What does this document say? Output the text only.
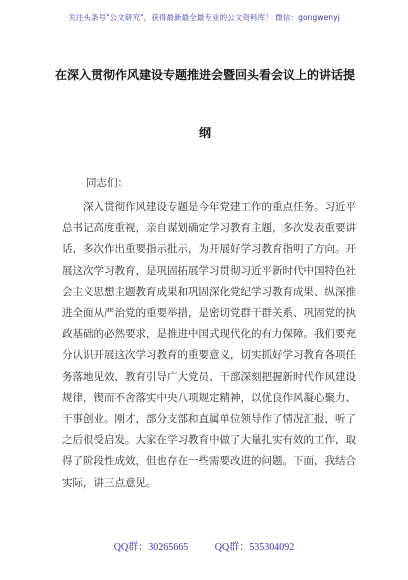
关注头条号"公文研究"，获得最新最全最专业的公文资料库！ 微信：gongwenyj
在深入贯彻作风建设专题推进会暨回头看会议上的讲话提
纲
同志们：
深入贯彻作风建设专题是今年党建工作的重点任务。习近平总书记高度重视，亲自谋划确定学习教育主题，多次发表重要讲话，多次作出重要指示批示，为开展好学习教育指明了方向。开展这次学习教育，是巩固拓展学习贯彻习近平新时代中国特色社会主义思想主题教育成果和巩固深化党纪学习教育成果、纵深推进全面从严治党的重要举措，是密切党群干群关系、巩固党的执政基础的必然要求，是推进中国式现代化的有力保障。我们要充分认识开展这次学习教育的重要意义，切实抓好学习教育各项任务落地见效，教育引导广大党员、干部深刻把握新时代作风建设规律，锲而不舍落实中央八项规定精神，以优良作风凝心聚力、干事创业。刚才，部分支部和直属单位领导作了情况汇报，听了之后很受启发。大家在学习教育中做了大量扎实有效的工作，取得了阶段性成效，但也存在一些需要改进的问题。下面，我结合实际，讲三点意见。
QQ群：30265665	QQ群：535304092
